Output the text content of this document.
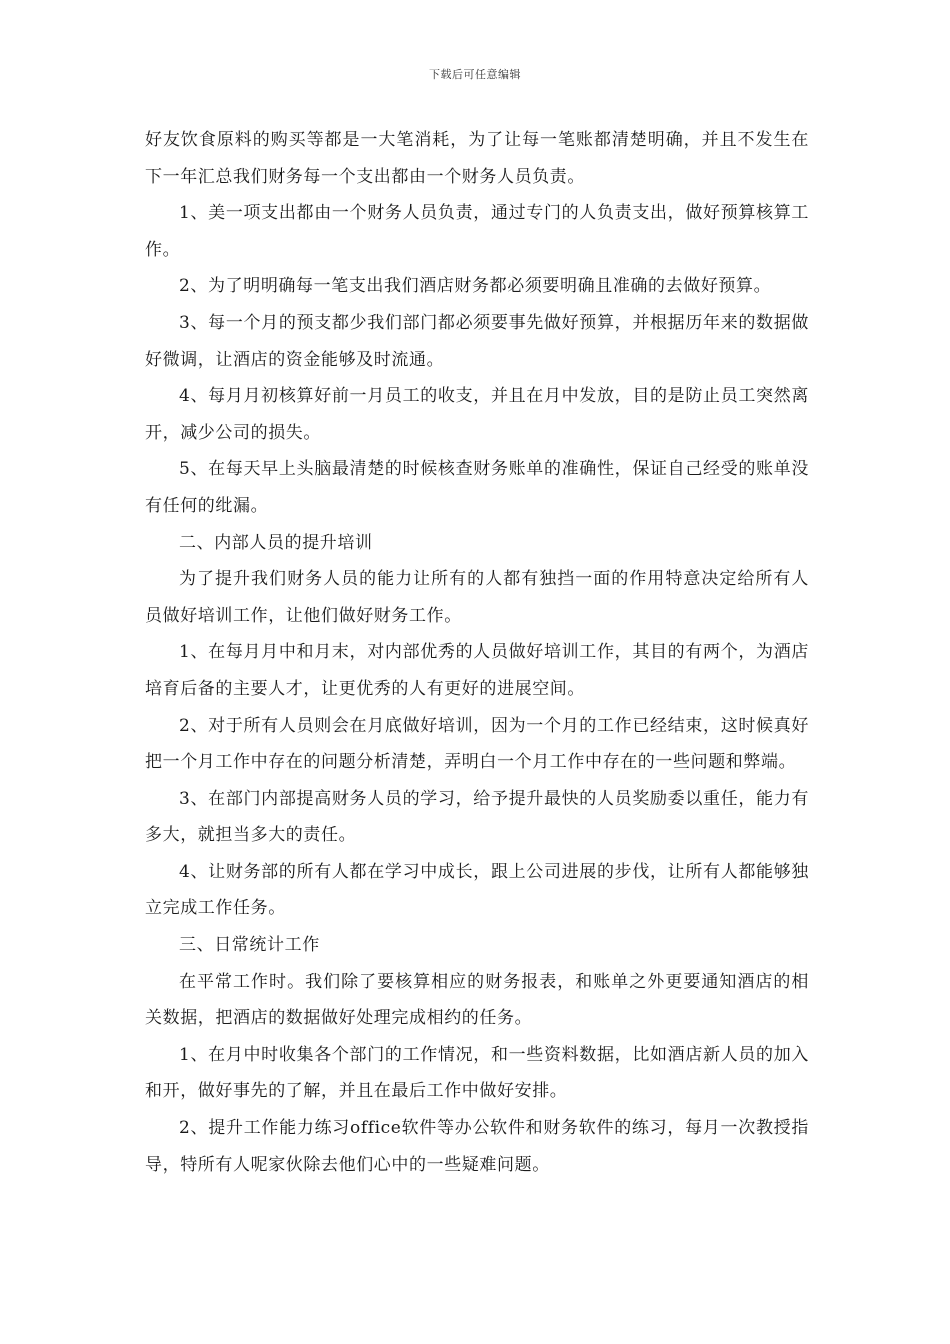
下载后可任意编辑

好友饮食原料的购买等都是一大笔消耗，为了让每一笔账都清楚明确，并且不发生在下一年汇总我们财务每一个支出都由一个财务人员负责。

1、美一项支出都由一个财务人员负责，通过专门的人负责支出，做好预算核算工作。

2、为了明明确每一笔支出我们酒店财务都必须要明确且准确的去做好预算。

3、每一个月的预支都少我们部门都必须要事先做好预算，并根据历年来的数据做好微调，让酒店的资金能够及时流通。

4、每月月初核算好前一月员工的收支，并且在月中发放，目的是防止员工突然离开，减少公司的损失。

5、在每天早上头脑最清楚的时候核查财务账单的准确性，保证自己经受的账单没有任何的纰漏。

二、内部人员的提升培训

为了提升我们财务人员的能力让所有的人都有独挡一面的作用特意决定给所有人员做好培训工作，让他们做好财务工作。

1、在每月月中和月末，对内部优秀的人员做好培训工作，其目的有两个，为酒店培育后备的主要人才，让更优秀的人有更好的进展空间。

2、对于所有人员则会在月底做好培训，因为一个月的工作已经结束，这时候真好把一个月工作中存在的问题分析清楚，弄明白一个月工作中存在的一些问题和弊端。

3、在部门内部提高财务人员的学习，给予提升最快的人员奖励委以重任，能力有多大，就担当多大的责任。

4、让财务部的所有人都在学习中成长，跟上公司进展的步伐，让所有人都能够独立完成工作任务。

三、日常统计工作

在平常工作时。我们除了要核算相应的财务报表，和账单之外更要通知酒店的相关数据，把酒店的数据做好处理完成相约的任务。

1、在月中时收集各个部门的工作情况，和一些资料数据，比如酒店新人员的加入和开，做好事先的了解，并且在最后工作中做好安排。

2、提升工作能力练习office软件等办公软件和财务软件的练习，每月一次教授指导，特所有人呢家伙除去他们心中的一些疑难问题。
